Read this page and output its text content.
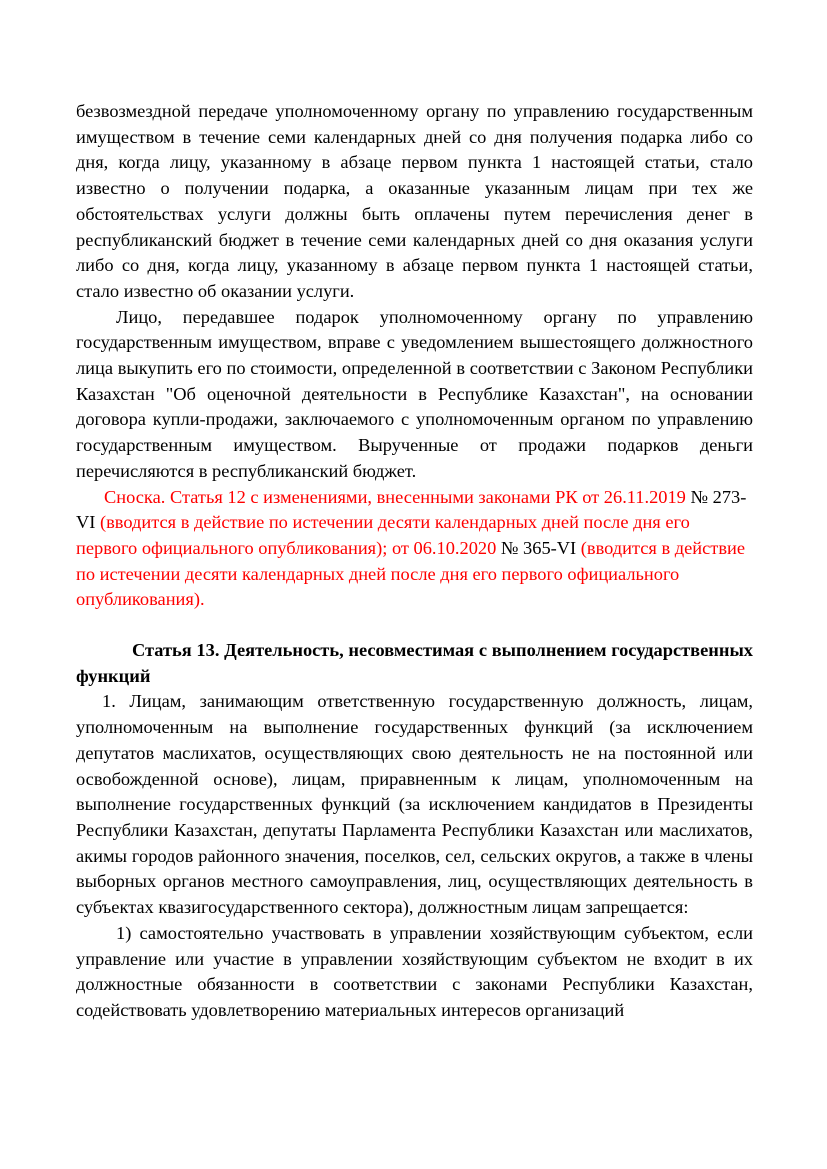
безвозмездной передаче уполномоченному органу по управлению государственным имуществом в течение семи календарных дней со дня получения подарка либо со дня, когда лицу, указанному в абзаце первом пункта 1 настоящей статьи, стало известно о получении подарка, а оказанные указанным лицам при тех же обстоятельствах услуги должны быть оплачены путем перечисления денег в республиканский бюджет в течение семи календарных дней со дня оказания услуги либо со дня, когда лицу, указанному в абзаце первом пункта 1 настоящей статьи, стало известно об оказании услуги.

Лицо, передавшее подарок уполномоченному органу по управлению государственным имуществом, вправе с уведомлением вышестоящего должностного лица выкупить его по стоимости, определенной в соответствии с Законом Республики Казахстан "Об оценочной деятельности в Республике Казахстан", на основании договора купли-продажи, заключаемого с уполномоченным органом по управлению государственным имуществом. Вырученные от продажи подарков деньги перечисляются в республиканский бюджет.

Сноска. Статья 12 с изменениями, внесенными законами РК от 26.11.2019 № 273-VI (вводится в действие по истечении десяти календарных дней после дня его первого официального опубликования); от 06.10.2020 № 365-VI (вводится в действие по истечении десяти календарных дней после дня его первого официального опубликования).

Статья 13. Деятельность, несовместимая с выполнением государственных функций

1. Лицам, занимающим ответственную государственную должность, лицам, уполномоченным на выполнение государственных функций (за исключением депутатов маслихатов, осуществляющих свою деятельность не на постоянной или освобожденной основе), лицам, приравненным к лицам, уполномоченным на выполнение государственных функций (за исключением кандидатов в Президенты Республики Казахстан, депутаты Парламента Республики Казахстан или маслихатов, акимы городов районного значения, поселков, сел, сельских округов, а также в члены выборных органов местного самоуправления, лиц, осуществляющих деятельность в субъектах квазигосударственного сектора), должностным лицам запрещается:

1) самостоятельно участвовать в управлении хозяйствующим субъектом, если управление или участие в управлении хозяйствующим субъектом не входит в их должностные обязанности в соответствии с законами Республики Казахстан, содействовать удовлетворению материальных интересов организаций
